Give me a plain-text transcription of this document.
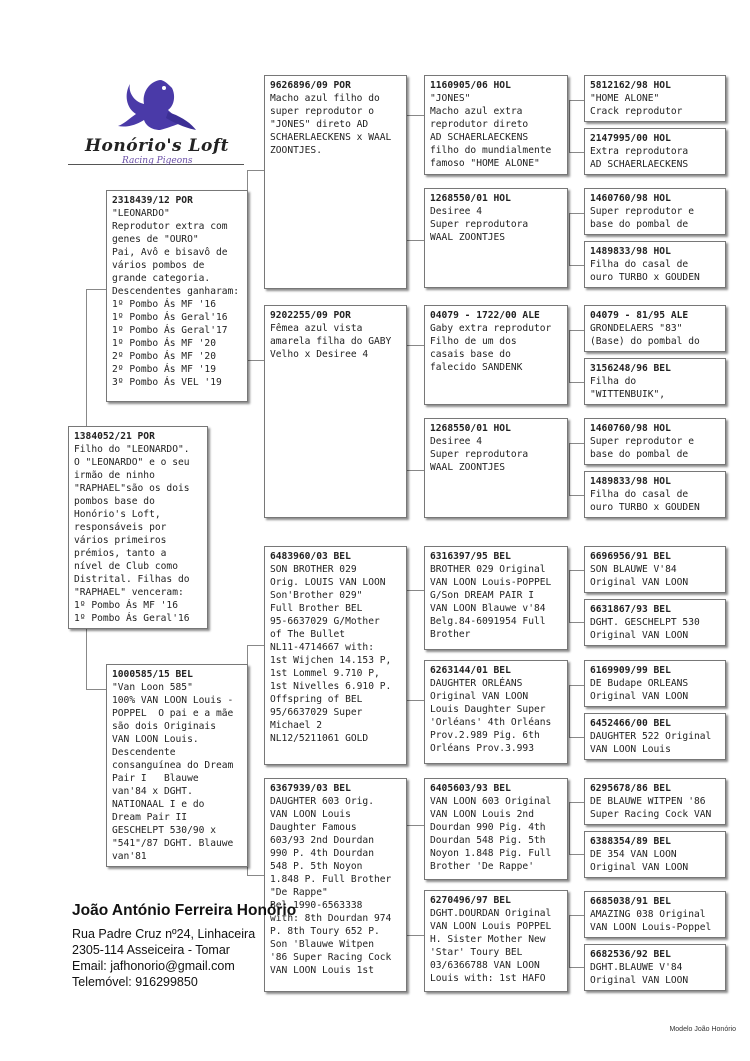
Honório's Loft
Racing Pigeons
1384052/21 POR
Filho do "LEONARDO".
O "LEONARDO" e o seu
irmão de ninho
"RAPHAEL"são os dois
pombos base do
Honório's Loft,
responsáveis por
vários primeiros
prémios, tanto a
nível de Club como
Distrital. Filhas do
"RAPHAEL" venceram:
1º Pombo Ás MF '16
1º Pombo Ás Geral'16
2318439/12 POR
"LEONARDO"
Reprodutor extra com
genes de "OURO"
Pai, Avô e bisavô de
vários pombos de
grande categoria.
Descendentes ganharam:
1º Pombo Ás MF '16
1º Pombo Ás Geral'16
1º Pombo Ás Geral'17
1º Pombo Ás MF '20
2º Pombo Ás MF '20
2º Pombo Ás MF '19
3º Pombo Ás VEL '19
1000585/15 BEL
"Van Loon 585"
100% VAN LOON Louis -
POPPEL  O pai e a mãe
são dois Originais
VAN LOON Louis.
Descendente
consanguínea do Dream
Pair I   Blauwe
van'84 x DGHT.
NATIONAAL I e do
Dream Pair II
GESCHELPT 530/90 x
"541"/87 DGHT. Blauwe
van'81
9626896/09 POR
Macho azul filho do
super reprodutor o
"JONES" direto AD
SCHAERLAECKENS x WAAL
ZOONTJES.
9202255/09 POR
Fêmea azul vista
amarela filha do GABY
Velho x Desiree 4
6483960/03 BEL
SON BROTHER 029
Orig. LOUIS VAN LOON
Son'Brother 029"
Full Brother BEL
95-6637029 G/Mother
of The Bullet
NL11-4714667 with:
1st Wijchen 14.153 P,
1st Lommel 9.710 P,
1st Nivelles 6.910 P.
Offspring of BEL
95/6637029 Super
Michael 2
NL12/5211061 GOLD
6367939/03 BEL
DAUGHTER 603 Orig.
VAN LOON Louis
Daughter Famous
603/93 2nd Dourdan
990 P. 4th Dourdan
548 P. 5th Noyon
1.848 P. Full Brother
"De Rappe"
Bel.1990-6563338
with: 8th Dourdan 974
P. 8th Toury 652 P.
Son 'Blauwe Witpen
'86 Super Racing Cock
VAN LOON Louis 1st
1160905/06 HOL
"JONES"
Macho azul extra
reprodutor direto
AD SCHAERLAECKENS
filho do mundialmente
famoso "HOME ALONE"
1268550/01 HOL
Desiree 4
Super reprodutora
WAAL ZOONTJES
04079 - 1722/00 ALE
Gaby extra reprodutor
Filho de um dos
casais base do
falecido SANDENK
1268550/01 HOL
Desiree 4
Super reprodutora
WAAL ZOONTJES
6316397/95 BEL
BROTHER 029 Original
VAN LOON Louis-POPPEL
G/Son DREAM PAIR I
VAN LOON Blauwe v'84
Belg.84-6091954 Full
Brother
6263144/01 BEL
DAUGHTER ORLÉANS
Original VAN LOON
Louis Daughter Super
'Orléans' 4th Orléans
Prov.2.989 Pig. 6th
Orléans Prov.3.993
6405603/93 BEL
VAN LOON 603 Original
VAN LOON Louis 2nd
Dourdan 990 Pig. 4th
Dourdan 548 Pig. 5th
Noyon 1.848 Pig. Full
Brother 'De Rappe'
6270496/97 BEL
DGHT.DOURDAN Original
VAN LOON Louis POPPEL
H. Sister Mother New
'Star' Toury BEL
03/6366788 VAN LOON
Louis with: 1st HAFO
5812162/98 HOL
"HOME ALONE"
Crack reprodutor
2147995/00 HOL
Extra reprodutora
AD SCHAERLAECKENS
1460760/98 HOL
Super reprodutor e
base do pombal de
1489833/98 HOL
Filha do casal de
ouro TURBO x GOUDEN
04079 - 81/95 ALE
GRONDELAERS "83"
(Base) do pombal do
3156248/96 BEL
Filha do
"WITTENBUIK",
1460760/98 HOL
Super reprodutor e
base do pombal de
1489833/98 HOL
Filha do casal de
ouro TURBO x GOUDEN
6696956/91 BEL
SON BLAUWE V'84
Original VAN LOON
6631867/93 BEL
DGHT. GESCHELPT 530
Original VAN LOON
6169909/99 BEL
DE Budape ORLEANS
Original VAN LOON
6452466/00 BEL
DAUGHTER 522 Original
VAN LOON Louis
6295678/86 BEL
DE BLAUWE WITPEN '86
Super Racing Cock VAN
6388354/89 BEL
DE 354 VAN LOON
Original VAN LOON
6685038/91 BEL
AMAZING 038 Original
VAN LOON Louis-Poppel
6682536/92 BEL
DGHT.BLAUWE V'84
Original VAN LOON
João António Ferreira Honório
Rua Padre Cruz nº24, Linhaceira
2305-114 Asseiceira - Tomar
Email: jafhonorio@gmail.com
Telemóvel: 916299850
Modelo João Honório
